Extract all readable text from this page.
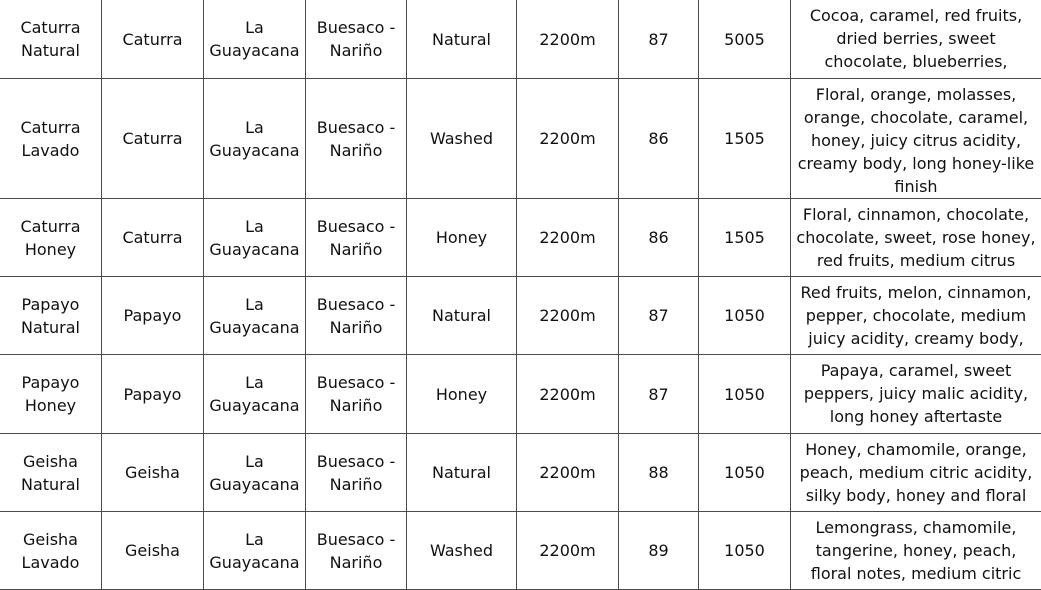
Caturra Natural	Caturra	La Guayacana	Buesaco - Nariño	Natural	2200m	87	5005	Cocoa, caramel, red fruits, dried berries, sweet chocolate, blueberries,

Caturra Lavado	Caturra	La Guayacana	Buesaco - Nariño	Washed	2200m	86	1505	Floral, orange, molasses, orange, chocolate, caramel, honey, juicy citrus acidity, creamy body, long honey-like finish

Caturra Honey	Caturra	La Guayacana	Buesaco - Nariño	Honey	2200m	86	1505	Floral, cinnamon, chocolate, chocolate, sweet, rose honey, red fruits, medium citrus

Papayo Natural	Papayo	La Guayacana	Buesaco - Nariño	Natural	2200m	87	1050	Red fruits, melon, cinnamon, pepper, chocolate, medium juicy acidity, creamy body,

Papayo Honey	Papayo	La Guayacana	Buesaco - Nariño	Honey	2200m	87	1050	Papaya, caramel, sweet peppers, juicy malic acidity, long honey aftertaste

Geisha Natural	Geisha	La Guayacana	Buesaco - Nariño	Natural	2200m	88	1050	Honey, chamomile, orange, peach, medium citric acidity, silky body, honey and floral

Geisha Lavado	Geisha	La Guayacana	Buesaco - Nariño	Washed	2200m	89	1050	Lemongrass, chamomile, tangerine, honey, peach, floral notes, medium citric
